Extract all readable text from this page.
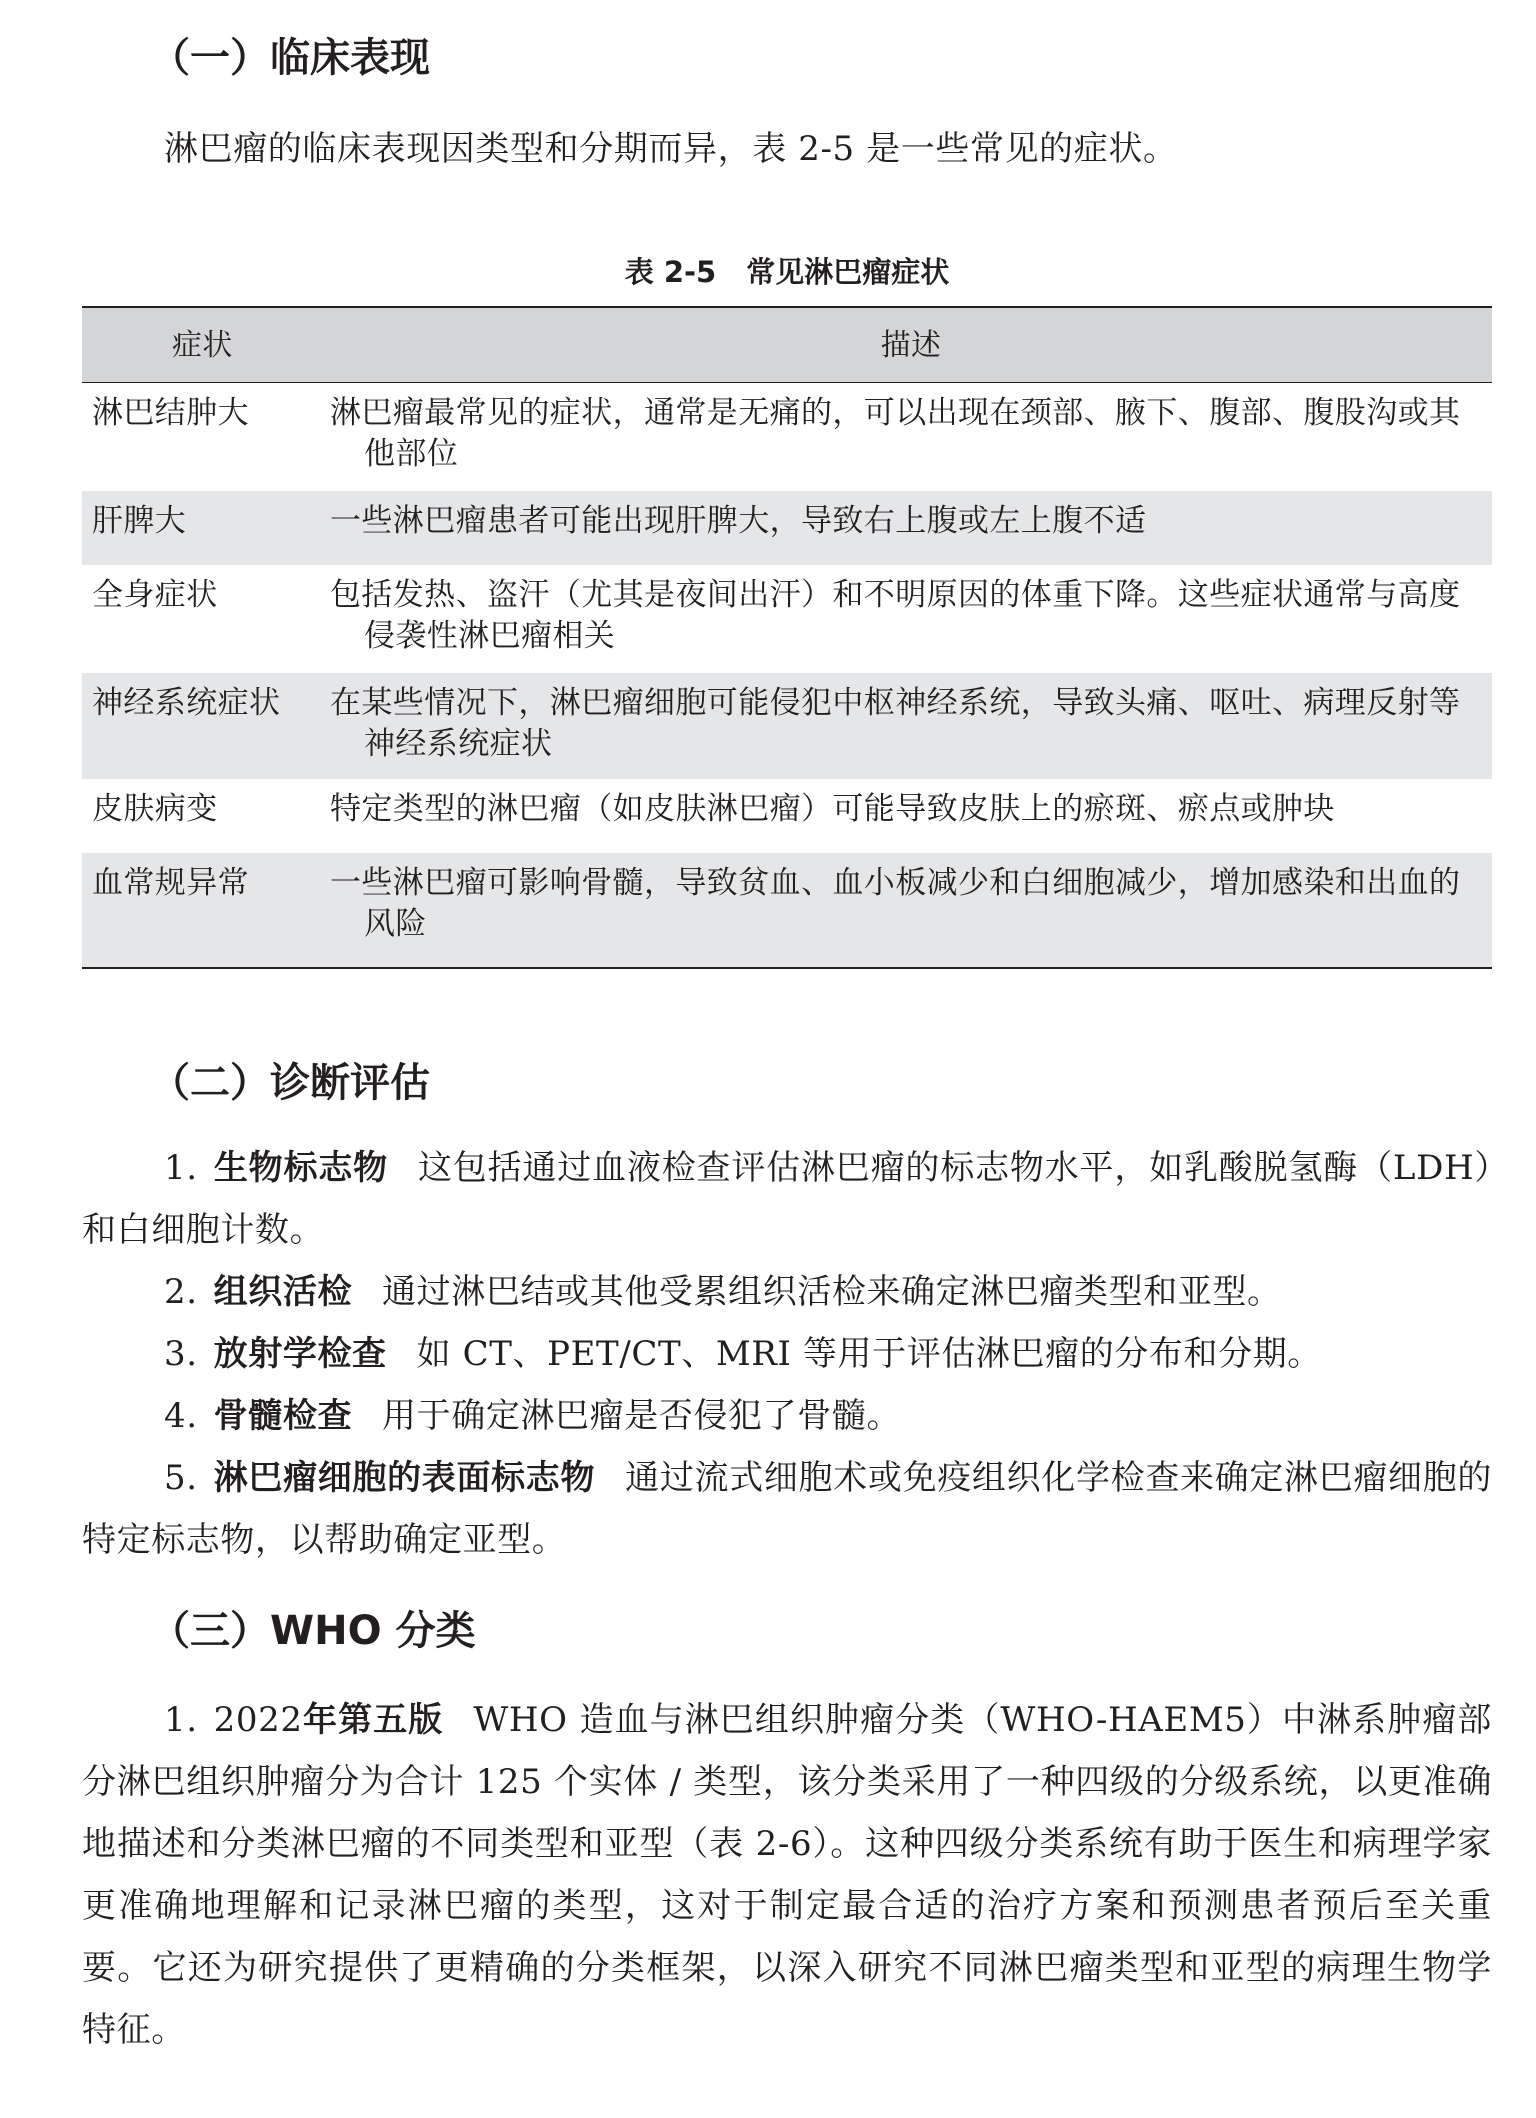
（一）临床表现

淋巴瘤的临床表现因类型和分期而异，表 2-5 是一些常见的症状。

表 2-5 常见淋巴瘤症状
症状	描述
淋巴结肿大	淋巴瘤最常见的症状，通常是无痛的，可以出现在颈部、腋下、腹部、腹股沟或其他部位

肝脾大	一些淋巴瘤患者可能出现肝脾大，导致右上腹或左上腹不适

全身症状	包括发热、盗汗（尤其是夜间出汗）和不明原因的体重下降。这些症状通常与高度侵袭性淋巴瘤相关

神经系统症状	在某些情况下，淋巴瘤细胞可能侵犯中枢神经系统，导致头痛、呕吐、病理反射等神经系统症状

皮肤病变	特定类型的淋巴瘤（如皮肤淋巴瘤）可能导致皮肤上的瘀斑、瘀点或肿块

血常规异常	一些淋巴瘤可影响骨髓，导致贫血、血小板减少和白细胞减少，增加感染和出血的风险
（二）诊断评估

1. 生物标志物 这包括通过血液检查评估淋巴瘤的标志物水平，如乳酸脱氢酶（LDH）和白细胞计数。

2. 组织活检 通过淋巴结或其他受累组织活检来确定淋巴瘤类型和亚型。

3. 放射学检查 如 CT、PET/CT、MRI 等用于评估淋巴瘤的分布和分期。

4. 骨髓检查 用于确定淋巴瘤是否侵犯了骨髓。

5. 淋巴瘤细胞的表面标志物 通过流式细胞术或免疫组织化学检查来确定淋巴瘤细胞的特定标志物，以帮助确定亚型。

（三）WHO 分类

1. 2022年第五版 WHO 造血与淋巴组织肿瘤分类（WHO-HAEM5）中淋系肿瘤部分淋巴组织肿瘤分为合计 125 个实体 / 类型，该分类采用了一种四级的分级系统，以更准确地描述和分类淋巴瘤的不同类型和亚型（表 2-6）。这种四级分类系统有助于医生和病理学家更准确地理解和记录淋巴瘤的类型，这对于制定最合适的治疗方案和预测患者预后至关重要。它还为研究提供了更精确的分类框架，以深入研究不同淋巴瘤类型和亚型的病理生物学特征。
